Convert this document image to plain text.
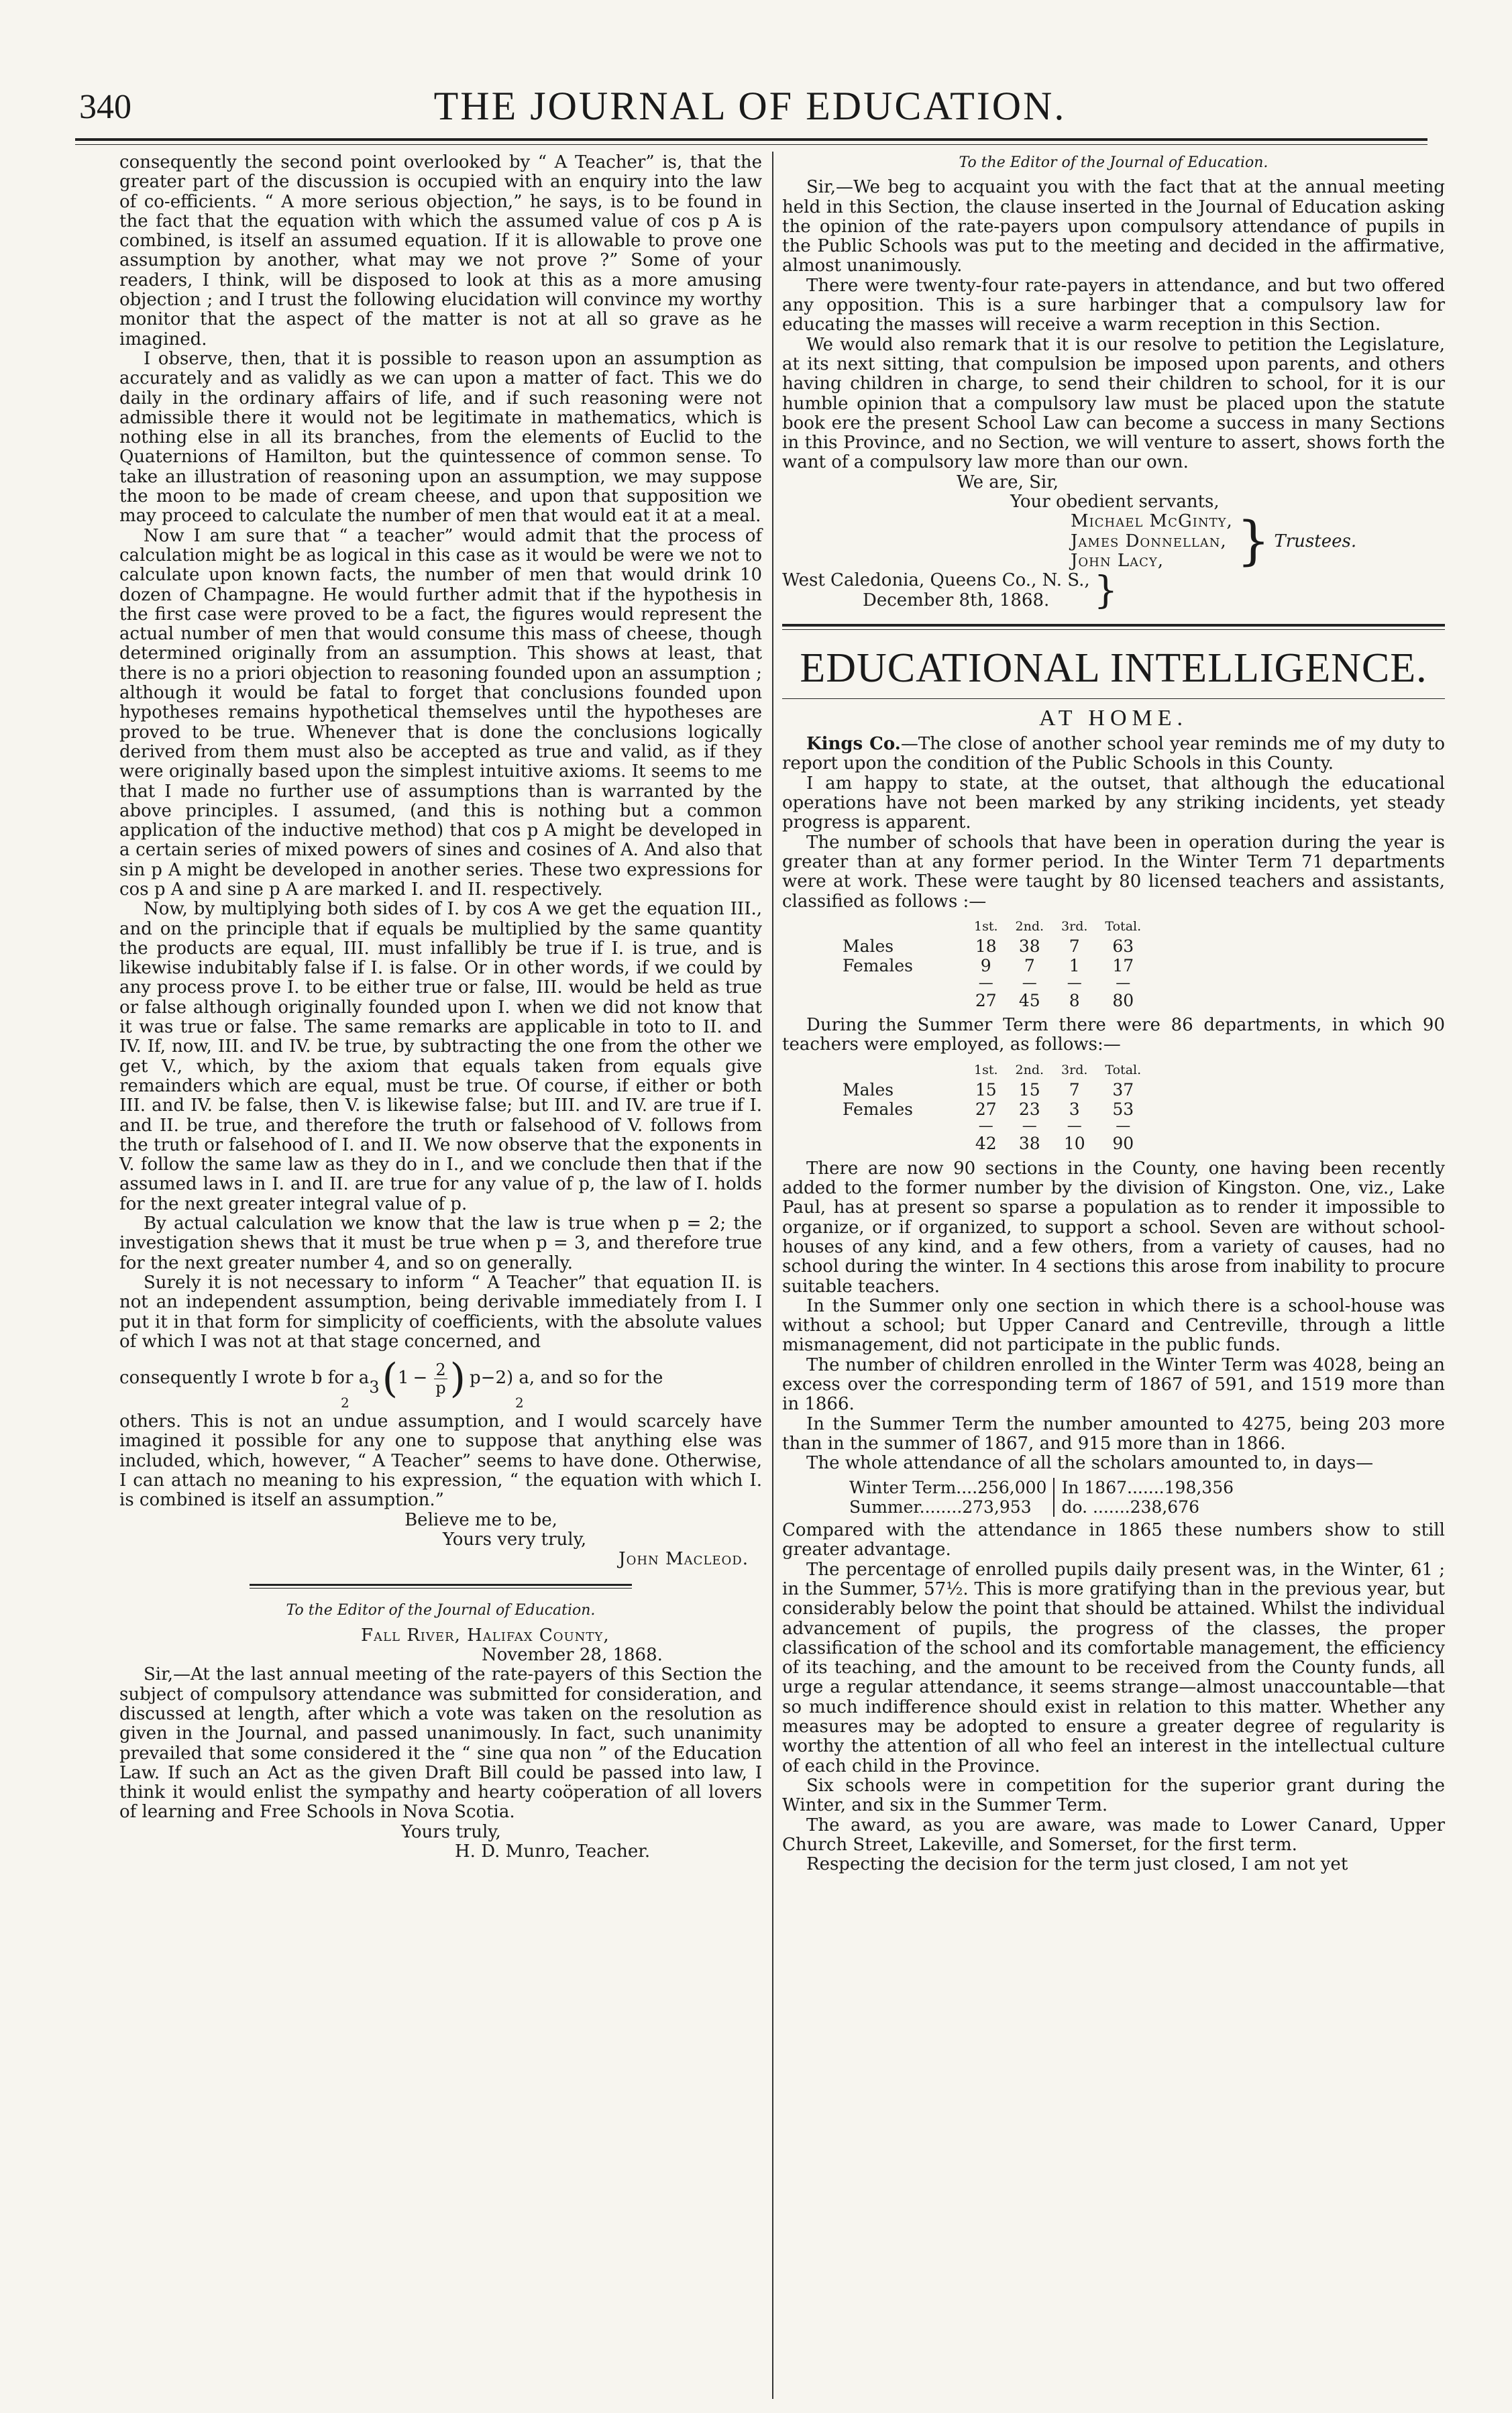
340	THE JOURNAL OF EDUCATION.

consequently the second point overlooked by “ A Teacher” is, that the greater part of the discussion is occupied with an enquiry into the law of co-efficients. “ A more serious objection,” he says, is to be found in the fact that the equation with which the assumed value of cos p A is combined, is itself an assumed equation. If it is allowable to prove one assumption by another, what may we not prove ?” Some of your readers, I think, will be disposed to look at this as a more amusing objection ; and I trust the following elucidation will convince my worthy monitor that the aspect of the matter is not at all so grave as he imagined.

I observe, then, that it is possible to reason upon an assumption as accurately and as validly as we can upon a matter of fact. This we do daily in the ordinary affairs of life, and if such reasoning were not admissible there it would not be legitimate in mathematics, which is nothing else in all its branches, from the elements of Euclid to the Quaternions of Hamilton, but the quintessence of common sense. To take an illustration of reasoning upon an assumption, we may suppose the moon to be made of cream cheese, and upon that supposition we may proceed to calculate the number of men that would eat it at a meal.

Now I am sure that “ a teacher” would admit that the process of calculation might be as logical in this case as it would be were we not to calculate upon known facts, the number of men that would drink 10 dozen of Champagne. He would further admit that if the hypothesis in the first case were proved to be a fact, the figures would represent the actual number of men that would consume this mass of cheese, though determined originally from an assumption. This shows at least, that there is no a priori objection to reasoning founded upon an assumption ; although it would be fatal to forget that conclusions founded upon hypotheses remains hypothetical themselves until the hypotheses are proved to be true. Whenever that is done the conclusions logically derived from them must also be accepted as true and valid, as if they were originally based upon the simplest intuitive axioms. It seems to me that I made no further use of assumptions than is warranted by the above principles. I assumed, (and this is nothing but a common application of the inductive method) that cos p A might be developed in a certain series of mixed powers of sines and cosines of A. And also that sin p A might be developed in another series. These two expressions for cos p A and sine p A are marked I. and II. respectively.

Now, by multiplying both sides of I. by cos A we get the equation III., and on the principle that if equals be multiplied by the same quantity the products are equal, III. must infallibly be true if I. is true, and is likewise indubitably false if I. is false. Or in other words, if we could by any process prove I. to be either true or false, III. would be held as true or false although originally founded upon I. when we did not know that it was true or false. The same remarks are applicable in toto to II. and IV. If, now, III. and IV. be true, by subtracting the one from the other we get V., which, by the axiom that equals taken from equals give remainders which are equal, must be true. Of course, if either or both III. and IV. be false, then V. is likewise false; but III. and IV. are true if I. and II. be true, and therefore the truth or falsehood of V. follows from the truth or falsehood of I. and II. We now observe that the exponents in V. follow the same law as they do in I., and we conclude then that if the assumed laws in I. and II. are true for any value of p, the law of I. holds for the next greater integral value of p.

By actual calculation we know that the law is true when p = 2; the investigation shews that it must be true when p = 3, and therefore true for the next greater number 4, and so on generally.

Surely it is not necessary to inform “ A Teacher” that equation II. is not an independent assumption, being derivable immediately from I. I put it in that form for simplicity of coefficients, with the absolute values of which I was not at that stage concerned, and

consequently I wrote b for a
3 ( $1 - \frac{2}{p}$ ) p−2) a, and so for the
2	2

others. This is not an undue assumption, and I would scarcely have imagined it possible for any one to suppose that anything else was included, which, however, “ A Teacher” seems to have done. Otherwise, I can attach no meaning to his expression, “ the equation with which I. is combined is itself an assumption.”

Believe me to be,

Yours very truly,

John Macleod.

To the Editor of the Journal of Education.

Fall River, Halifax County,

November 28, 1868.

Sir,—At the last annual meeting of the rate-payers of this Section the subject of compulsory attendance was submitted for consideration, and discussed at length, after which a vote was taken on the resolution as given in the Journal, and passed unanimously. In fact, such unanimity prevailed that some considered it the “ sine qua non ” of the Education Law. If such an Act as the given Draft Bill could be passed into law, I think it would enlist the sympathy and hearty coöperation of all lovers of learning and Free Schools in Nova Scotia.

Yours truly,

H. D. Munro, Teacher.

To the Editor of the Journal of Education.

Sir,—We beg to acquaint you with the fact that at the annual meeting held in this Section, the clause inserted in the Journal of Education asking the opinion of the rate-payers upon compulsory attendance of pupils in the Public Schools was put to the meeting and decided in the affirmative, almost unanimously.

There were twenty-four rate-payers in attendance, and but two offered any opposition. This is a sure harbinger that a compulsory law for educating the masses will receive a warm reception in this Section.

We would also remark that it is our resolve to petition the Legislature, at its next sitting, that compulsion be imposed upon parents, and others having children in charge, to send their children to school, for it is our humble opinion that a compulsory law must be placed upon the statute book ere the present School Law can become a success in many Sections in this Province, and no Section, we will venture to assert, shows forth the want of a compulsory law more than our own.

We are, Sir,

Your obedient servants,

Michael McGinty,
James Donnellan,
John Lacy,	} Trustees.
West Caledonia, Queens Co., N. S.,
December 8th, 1868.	}
EDUCATIONAL INTELLIGENCE.
AT HOME.

Kings Co.—The close of another school year reminds me of my duty to report upon the condition of the Public Schools in this County.

I am happy to state, at the outset, that although the educational operations have not been marked by any striking incidents, yet steady progress is apparent.

The number of schools that have been in operation during the year is greater than at any former period. In the Winter Term 71 departments were at work. These were taught by 80 licensed teachers and assistants, classified as follows :—

	1st.	2nd.	3rd.	Total.
Males	18	38	7	63
Females	9	7	1	17
	—	—	—	—
	27	45	8	80

During the Summer Term there were 86 departments, in which 90 teachers were employed, as follows:—

	1st.	2nd.	3rd.	Total.
Males	15	15	7	37
Females	27	23	3	53
	—	—	—	—
	42	38	10	90

There are now 90 sections in the County, one having been recently added to the former number by the division of Kingston. One, viz., Lake Paul, has at present so sparse a population as to render it impossible to organize, or if organized, to support a school. Seven are without school-houses of any kind, and a few others, from a variety of causes, had no school during the winter. In 4 sections this arose from inability to procure suitable teachers.

In the Summer only one section in which there is a school-house was without a school; but Upper Canard and Centreville, through a little mismanagement, did not participate in the public funds.

The number of children enrolled in the Winter Term was 4028, being an excess over the corresponding term of 1867 of 591, and 1519 more than in 1866.

In the Summer Term the number amounted to 4275, being 203 more than in the summer of 1867, and 915 more than in 1866.

The whole attendance of all the scholars amounted to, in days—

Winter Term....256,000	In 1867.......198,356
Summer........273,953	do. .......238,676

Compared with the attendance in 1865 these numbers show to still greater advantage.

The percentage of enrolled pupils daily present was, in the Winter, 61 ; in the Summer, 57½. This is more gratifying than in the previous year, but considerably below the point that should be attained. Whilst the individual advancement of pupils, the progress of the classes, the proper classification of the school and its comfortable management, the efficiency of its teaching, and the amount to be received from the County funds, all urge a regular attendance, it seems strange—almost unaccountable—that so much indifference should exist in relation to this matter. Whether any measures may be adopted to ensure a greater degree of regularity is worthy the attention of all who feel an interest in the intellectual culture of each child in the Province.

Six schools were in competition for the superior grant during the Winter, and six in the Summer Term.

The award, as you are aware, was made to Lower Canard, Upper Church Street, Lakeville, and Somerset, for the first term.

Respecting the decision for the term just closed, I am not yet
